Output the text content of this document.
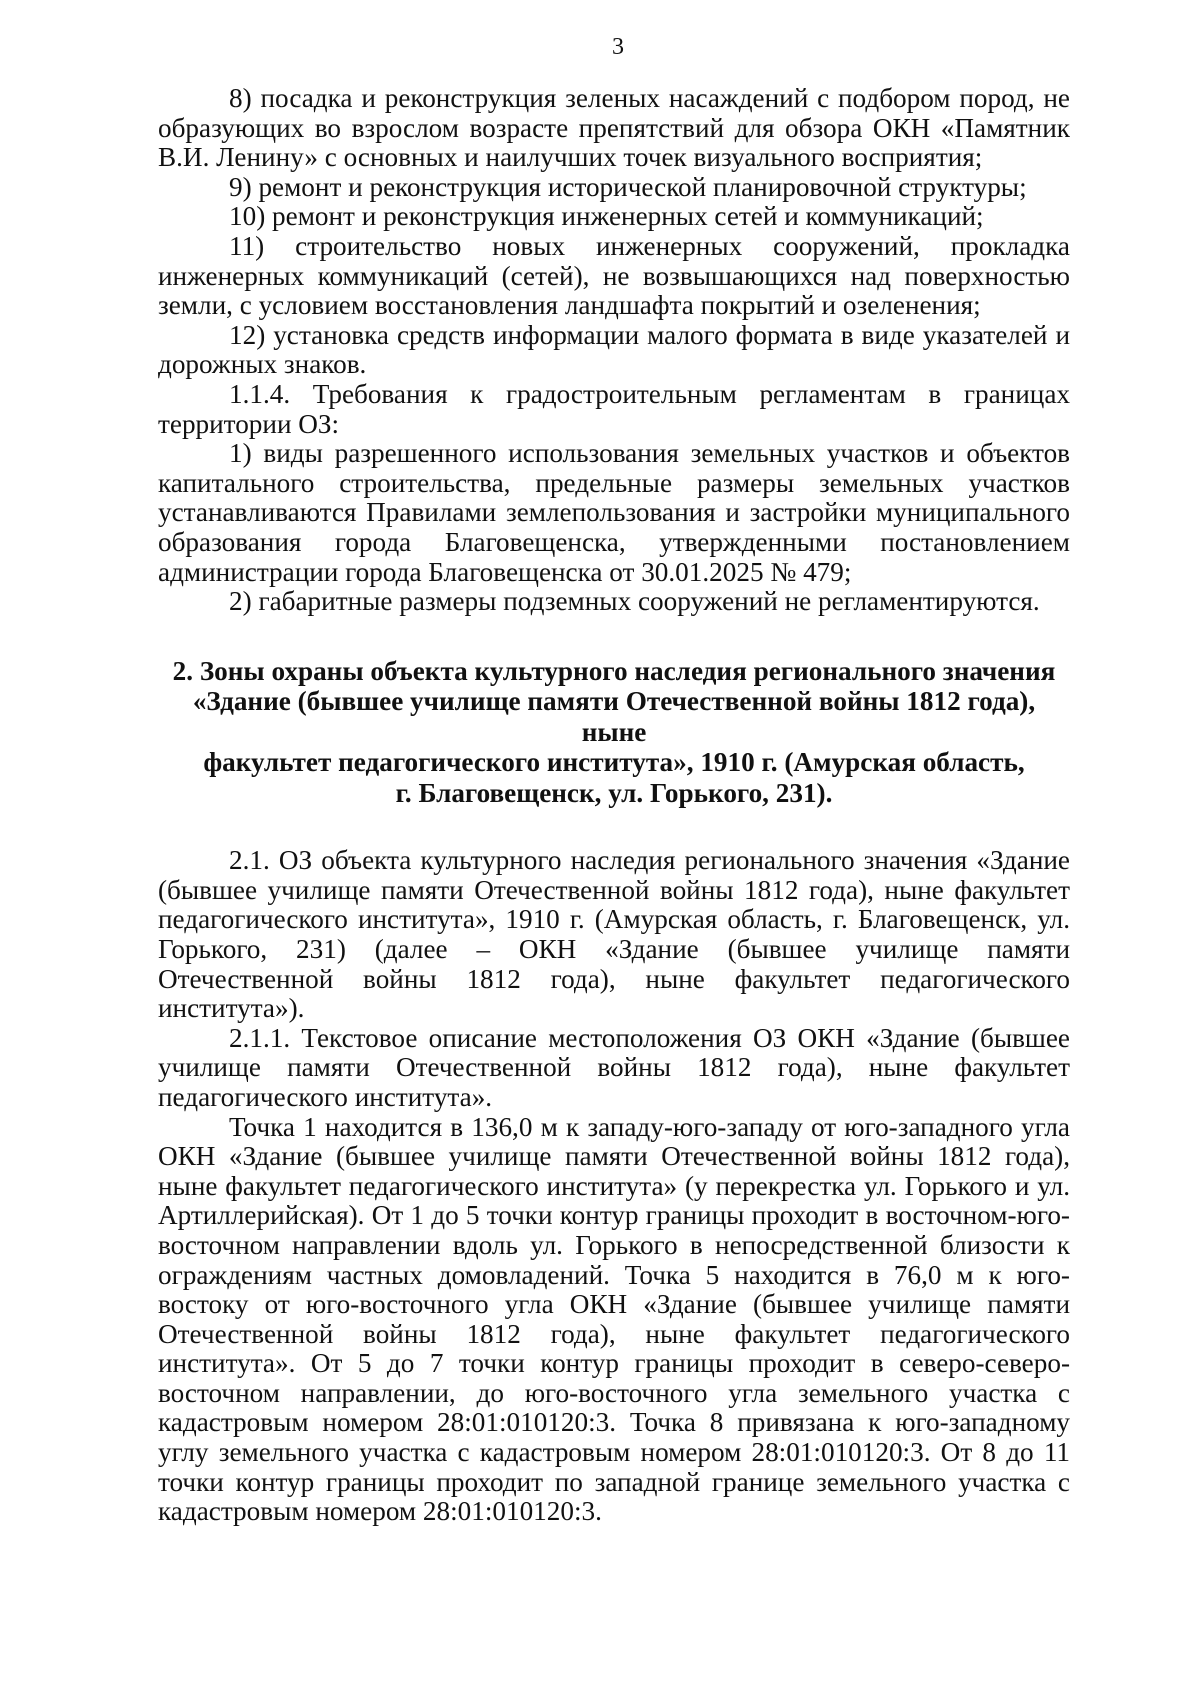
3

8) посадка и реконструкция зеленых насаждений с подбором пород, не образующих во взрослом возрасте препятствий для обзора ОКН «Памятник В.И. Ленину» с основных и наилучших точек визуального восприятия;

9) ремонт и реконструкция исторической планировочной структуры;

10) ремонт и реконструкция инженерных сетей и коммуникаций;

11) строительство новых инженерных сооружений, прокладка инженерных коммуникаций (сетей), не возвышающихся над поверхностью земли, с условием восстановления ландшафта покрытий и озеленения;

12) установка средств информации малого формата в виде указателей и дорожных знаков.

1.1.4. Требования к градостроительным регламентам в границах территории ОЗ:

1) виды разрешенного использования земельных участков и объектов капитального строительства, предельные размеры земельных участков устанавливаются Правилами землепользования и застройки муниципального образования города Благовещенска, утвержденными постановлением администрации города Благовещенска от 30.01.2025 № 479;

2) габаритные размеры подземных сооружений не регламентируются.

2. Зоны охраны объекта культурного наследия регионального значения
«Здание (бывшее училище памяти Отечественной войны 1812 года), ныне
факультет педагогического института», 1910 г. (Амурская область,
г. Благовещенск, ул. Горького, 231).

2.1. ОЗ объекта культурного наследия регионального значения «Здание (бывшее училище памяти Отечественной войны 1812 года), ныне факультет педагогического института», 1910 г. (Амурская область, г. Благовещенск, ул. Горького, 231) (далее – ОКН «Здание (бывшее училище памяти Отечественной войны 1812 года), ныне факультет педагогического института»).

2.1.1. Текстовое описание местоположения ОЗ ОКН «Здание (бывшее училище памяти Отечественной войны 1812 года), ныне факультет педагогического института».

Точка 1 находится в 136,0 м к западу-юго-западу от юго-западного угла ОКН «Здание (бывшее училище памяти Отечественной войны 1812 года), ныне факультет педагогического института» (у перекрестка ул. Горького и ул. Артиллерийская). От 1 до 5 точки контур границы проходит в восточном-юго-восточном направлении вдоль ул. Горького в непосредственной близости к ограждениям частных домовладений. Точка 5 находится в 76,0 м к юго-востоку от юго-восточного угла ОКН «Здание (бывшее училище памяти Отечественной войны 1812 года), ныне факультет педагогического института». От 5 до 7 точки контур границы проходит в северо-северо-восточном направлении, до юго-восточного угла земельного участка с кадастровым номером 28:01:010120:3. Точка 8 привязана к юго-западному углу земельного участка с кадастровым номером 28:01:010120:3. От 8 до 11 точки контур границы проходит по западной границе земельного участка с кадастровым номером 28:01:010120:3.
